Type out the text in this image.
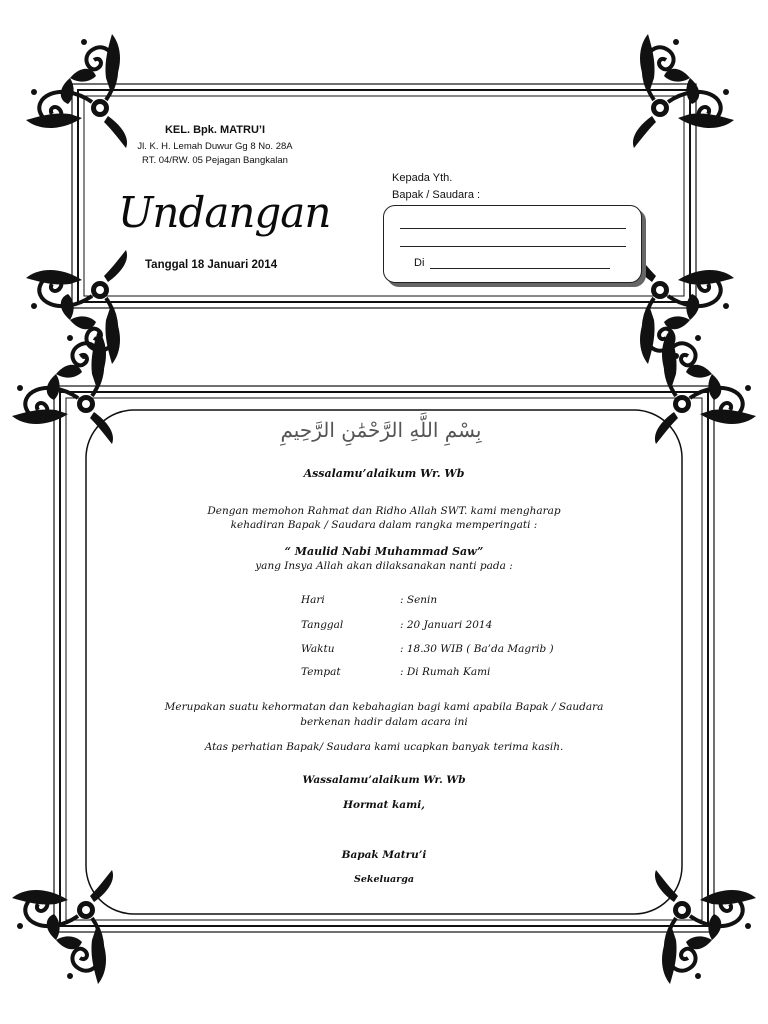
KEL. Bpk. MATRU’I
Jl. K. H. Lemah Duwur Gg 8 No. 28A
RT. 04/RW. 05 Pejagan Bangkalan
Undangan
Tanggal 18 Januari 2014
Kepada Yth.
Bapak / Saudara :
Di
بِسْمِ اللَّهِ الرَّحْمَٰنِ الرَّحِيمِ
Assalamu’alaikum Wr. Wb
Dengan memohon Rahmat dan Ridho Allah SWT. kami mengharap
kehadiran Bapak / Saudara dalam rangka memperingati :
“ Maulid Nabi Muhammad Saw”
yang Insya Allah akan dilaksanakan nanti pada :
Hari	: Senin
Tanggal	: 20 Januari 2014
Waktu	: 18.30 WIB ( Ba’da Magrib )
Tempat	: Di Rumah Kami
Merupakan suatu kehormatan dan kebahagian bagi kami apabila Bapak / Saudara
berkenan hadir dalam acara ini
Atas perhatian Bapak/ Saudara kami ucapkan banyak terima kasih.
Wassalamu’alaikum Wr. Wb
Hormat kami,
Bapak Matru’i
Sekeluarga
